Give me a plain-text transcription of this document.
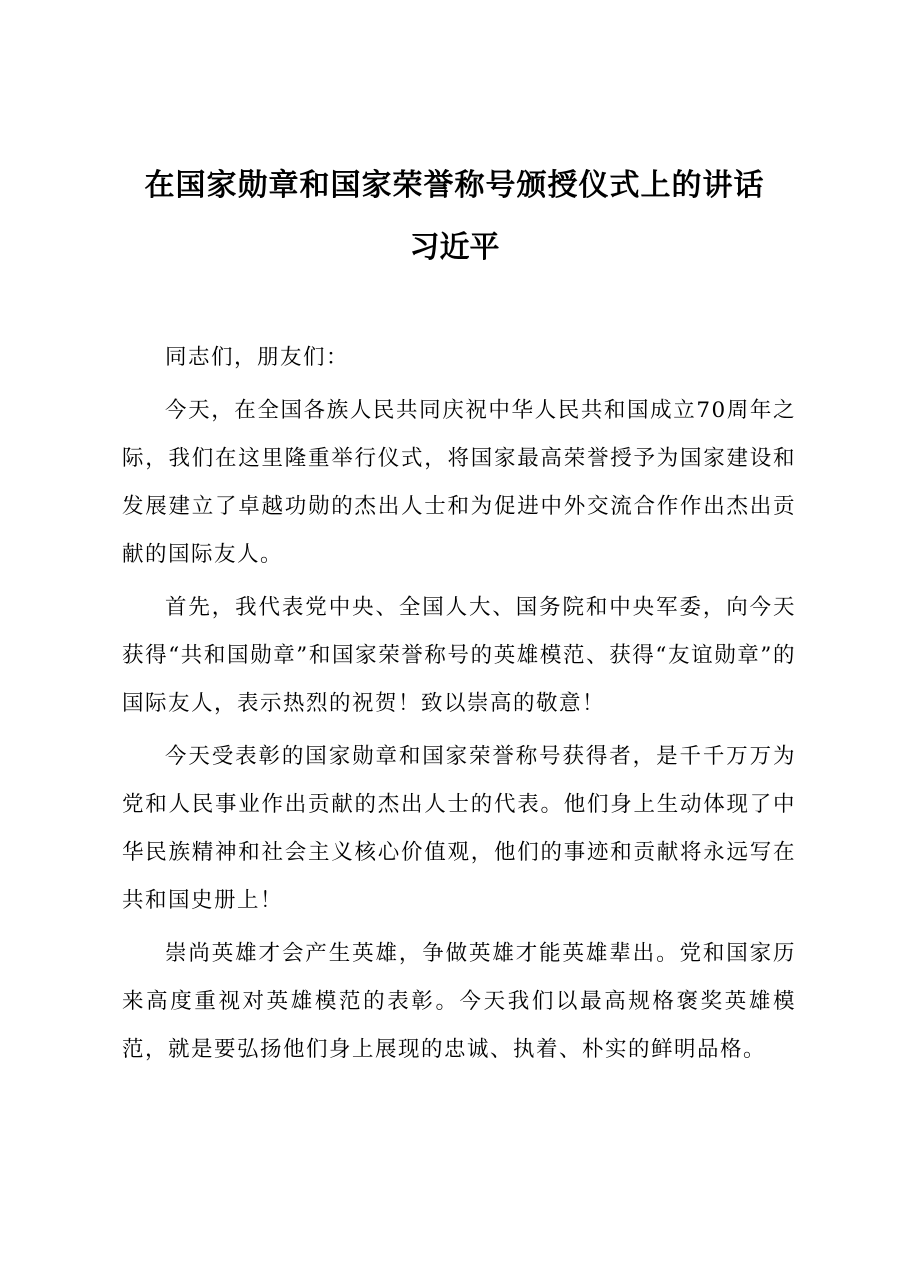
在国家勋章和国家荣誉称号颁授仪式上的讲话
习近平

同志们，朋友们：

今天，在全国各族人民共同庆祝中华人民共和国成立70周年之际，我们在这里隆重举行仪式，将国家最高荣誉授予为国家建设和发展建立了卓越功勋的杰出人士和为促进中外交流合作作出杰出贡献的国际友人。

首先，我代表党中央、全国人大、国务院和中央军委，向今天获得“共和国勋章”和国家荣誉称号的英雄模范、获得“友谊勋章”的国际友人，表示热烈的祝贺！致以崇高的敬意！

今天受表彰的国家勋章和国家荣誉称号获得者，是千千万万为党和人民事业作出贡献的杰出人士的代表。他们身上生动体现了中华民族精神和社会主义核心价值观，他们的事迹和贡献将永远写在共和国史册上！

崇尚英雄才会产生英雄，争做英雄才能英雄辈出。党和国家历来高度重视对英雄模范的表彰。今天我们以最高规格褒奖英雄模范，就是要弘扬他们身上展现的忠诚、执着、朴实的鲜明品格。
